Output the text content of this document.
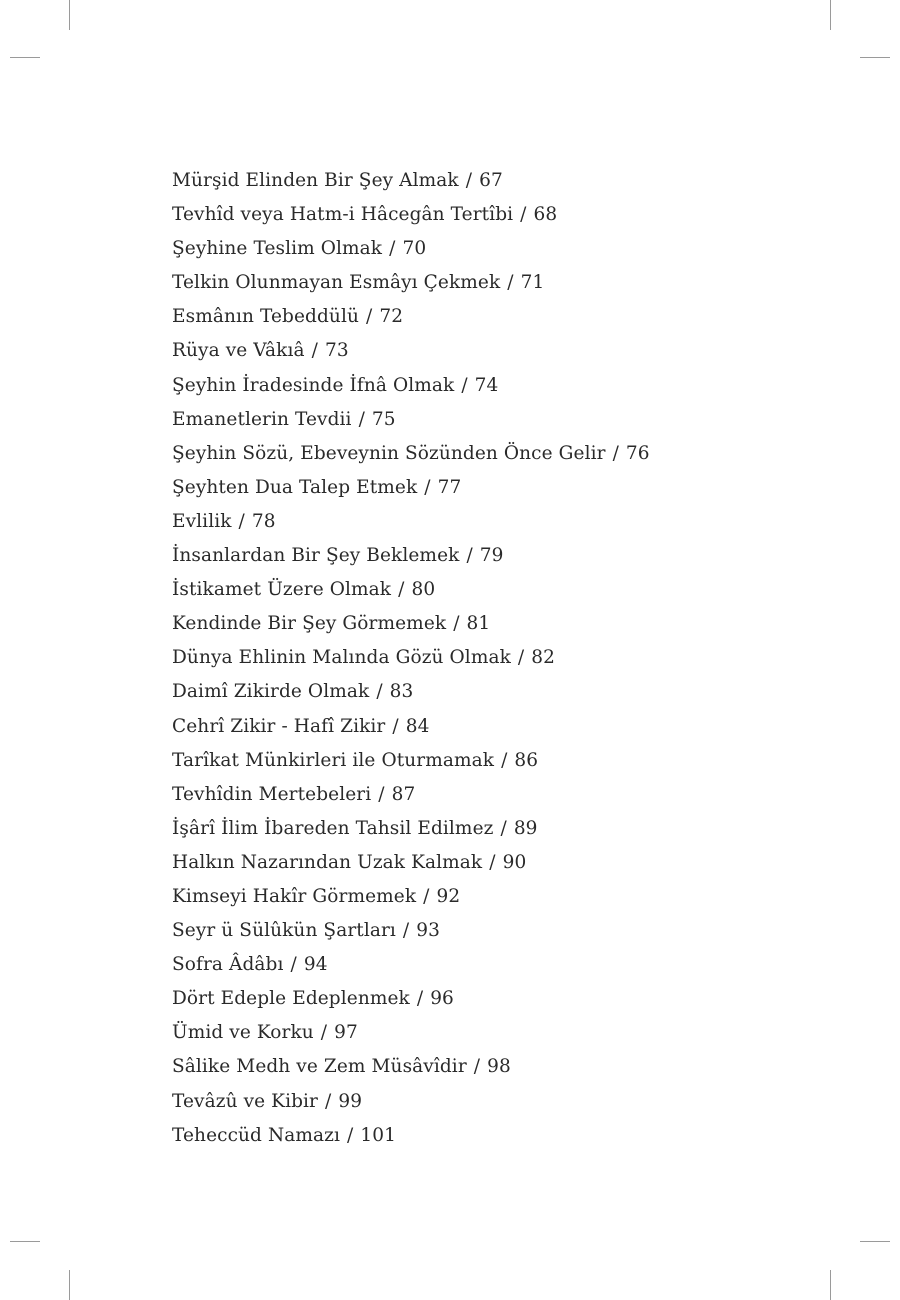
Mürşid Elinden Bir Şey Almak / 67
Tevhîd veya Hatm-i Hâcegân Tertîbi / 68
Şeyhine Teslim Olmak / 70
Telkin Olunmayan Esmâyı Çekmek / 71
Esmânın Tebeddülü / 72
Rüya ve Vâkıâ / 73
Şeyhin İradesinde İfnâ Olmak / 74
Emanetlerin Tevdii / 75
Şeyhin Sözü, Ebeveynin Sözünden Önce Gelir / 76
Şeyhten Dua Talep Etmek / 77
Evlilik / 78
İnsanlardan Bir Şey Beklemek / 79
İstikamet Üzere Olmak / 80
Kendinde Bir Şey Görmemek / 81
Dünya Ehlinin Malında Gözü Olmak / 82
Daimî Zikirde Olmak / 83
Cehrî Zikir - Hafî Zikir / 84
Tarîkat Münkirleri ile Oturmamak / 86
Tevhîdin Mertebeleri / 87
İşârî İlim İbareden Tahsil Edilmez / 89
Halkın Nazarından Uzak Kalmak / 90
Kimseyi Hakîr Görmemek / 92
Seyr ü Sülûkün Şartları / 93
Sofra Âdâbı / 94
Dört Edeple Edeplenmek / 96
Ümid ve Korku / 97
Sâlike Medh ve Zem Müsâvîdir / 98
Tevâzû ve Kibir / 99
Teheccüd Namazı / 101
